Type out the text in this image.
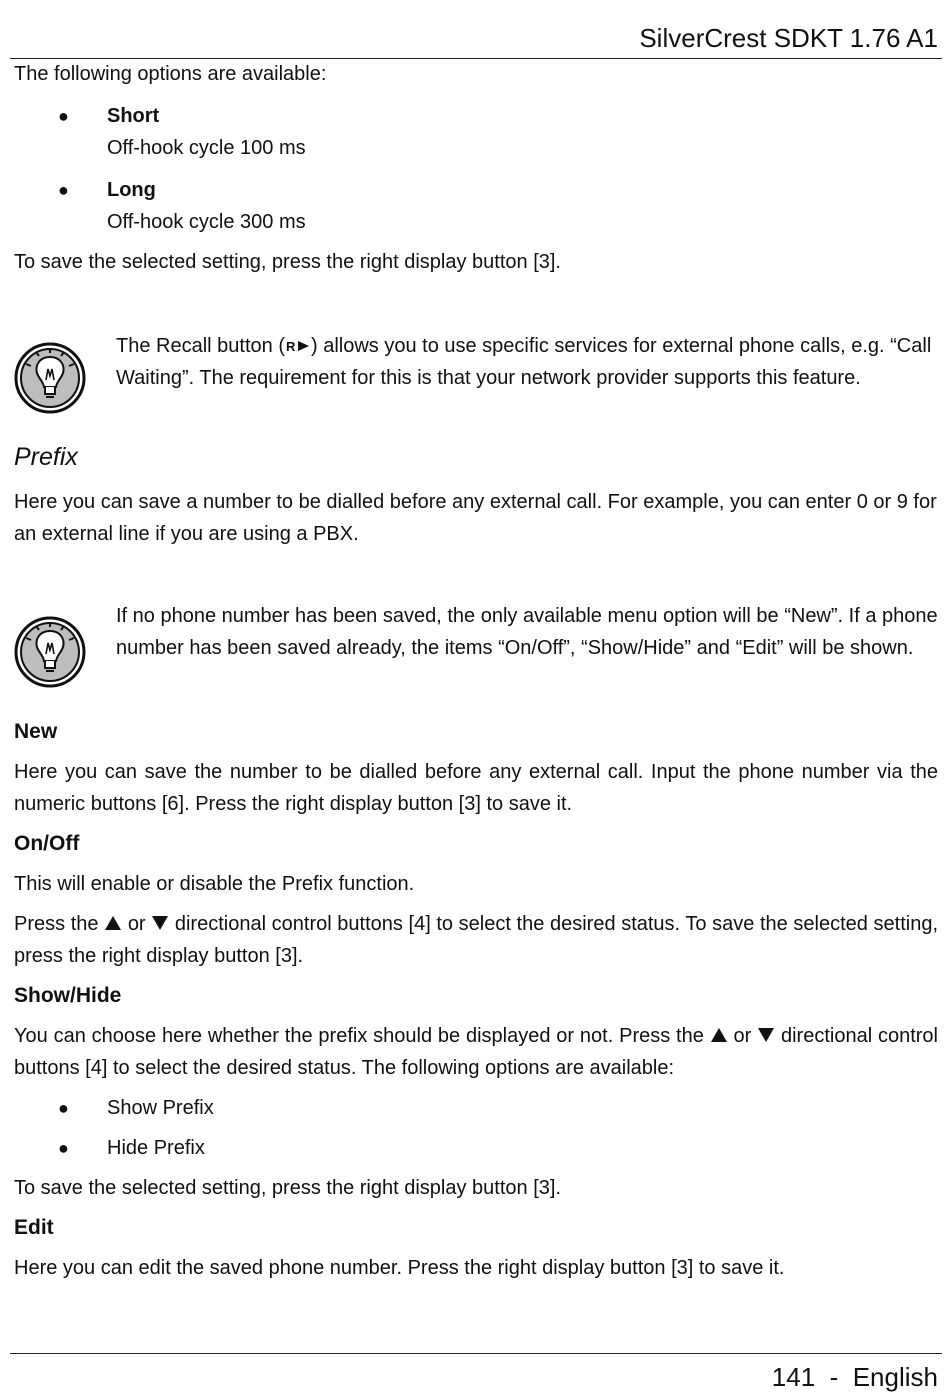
SilverCrest SDKT 1.76 A1

The following options are available:

● Short
Off-hook cycle 100 ms
● Long
Off-hook cycle 300 ms

To save the selected setting, press the right display button [3].

The Recall button ( R ) allows you to use specific services for external phone calls, e.g. “Call Waiting”. The requirement for this is that your network provider supports this feature.

Prefix

Here you can save a number to be dialled before any external call. For example, you can enter 0 or 9 for an external line if you are using a PBX.

If no phone number has been saved, the only available menu option will be “New”. If a phone number has been saved already, the items “On/Off”, “Show/Hide” and “Edit” will be shown.

New

Here you can save the number to be dialled before any external call. Input the phone number via the numeric buttons [6]. Press the right display button [3] to save it.

On/Off

This will enable or disable the Prefix function.

Press the or directional control buttons [4] to select the desired status. To save the selected setting, press the right display button [3].

Show/Hide

You can choose here whether the prefix should be displayed or not. Press the or directional control buttons [4] to select the desired status. The following options are available:

● Show Prefix
● Hide Prefix

To save the selected setting, press the right display button [3].

Edit

Here you can edit the saved phone number. Press the right display button [3] to save it.

141  -  English
